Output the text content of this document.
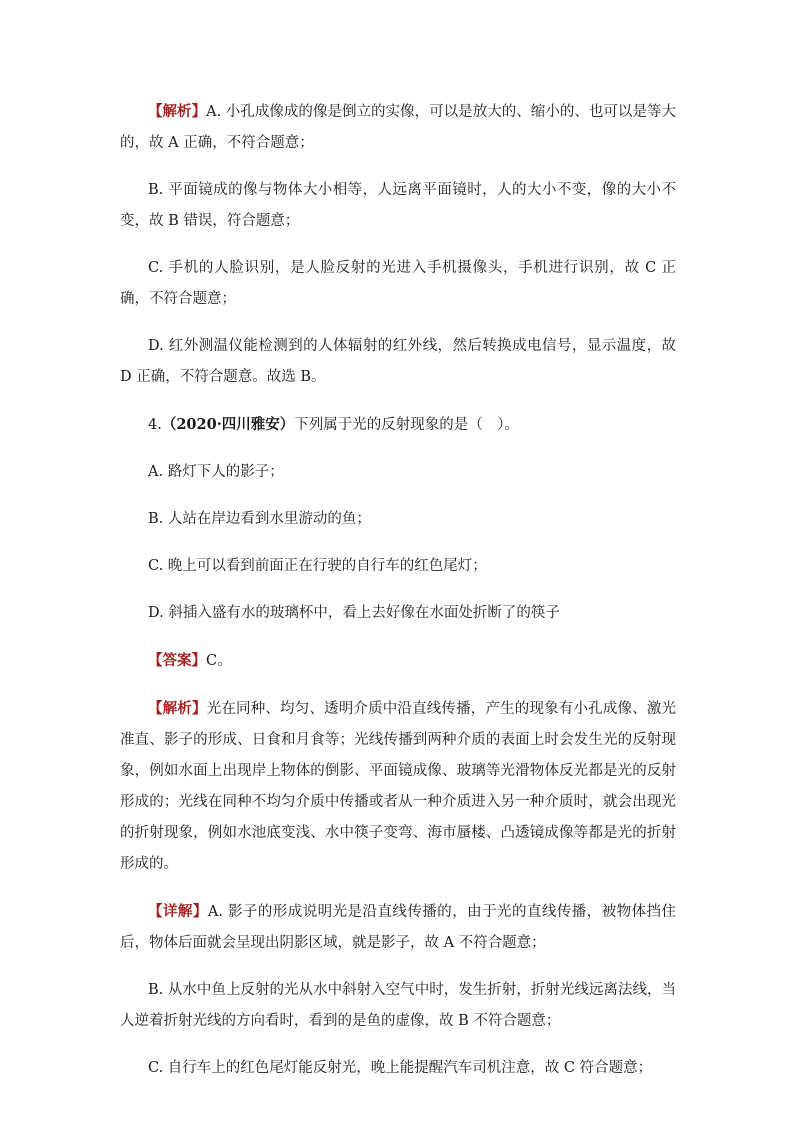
【解析】A. 小孔成像成的像是倒立的实像，可以是放大的、缩小的、也可以是等大的，故 A 正确，不符合题意；

B. 平面镜成的像与物体大小相等，人远离平面镜时，人的大小不变，像的大小不变，故 B 错误，符合题意；

C. 手机的人脸识别，是人脸反射的光进入手机摄像头，手机进行识别，故 C 正确，不符合题意；

D. 红外测温仪能检测到的人体辐射的红外线，然后转换成电信号，显示温度，故 D 正确，不符合题意。故选 B。

4.（2020·四川雅安）下列属于光的反射现象的是（　）。

A. 路灯下人的影子；

B. 人站在岸边看到水里游动的鱼；

C. 晚上可以看到前面正在行驶的自行车的红色尾灯；

D. 斜插入盛有水的玻璃杯中，看上去好像在水面处折断了的筷子

【答案】C。

【解析】光在同种、均匀、透明介质中沿直线传播，产生的现象有小孔成像、激光准直、影子的形成、日食和月食等；光线传播到两种介质的表面上时会发生光的反射现象，例如水面上出现岸上物体的倒影、平面镜成像、玻璃等光滑物体反光都是光的反射形成的；光线在同种不均匀介质中传播或者从一种介质进入另一种介质时，就会出现光的折射现象，例如水池底变浅、水中筷子变弯、海市蜃楼、凸透镜成像等都是光的折射形成的。

【详解】A. 影子的形成说明光是沿直线传播的，由于光的直线传播，被物体挡住后，物体后面就会呈现出阴影区域，就是影子，故 A 不符合题意；

B. 从水中鱼上反射的光从水中斜射入空气中时，发生折射，折射光线远离法线，当人逆着折射光线的方向看时，看到的是鱼的虚像，故 B 不符合题意；

C. 自行车上的红色尾灯能反射光，晚上能提醒汽车司机注意，故 C 符合题意；
